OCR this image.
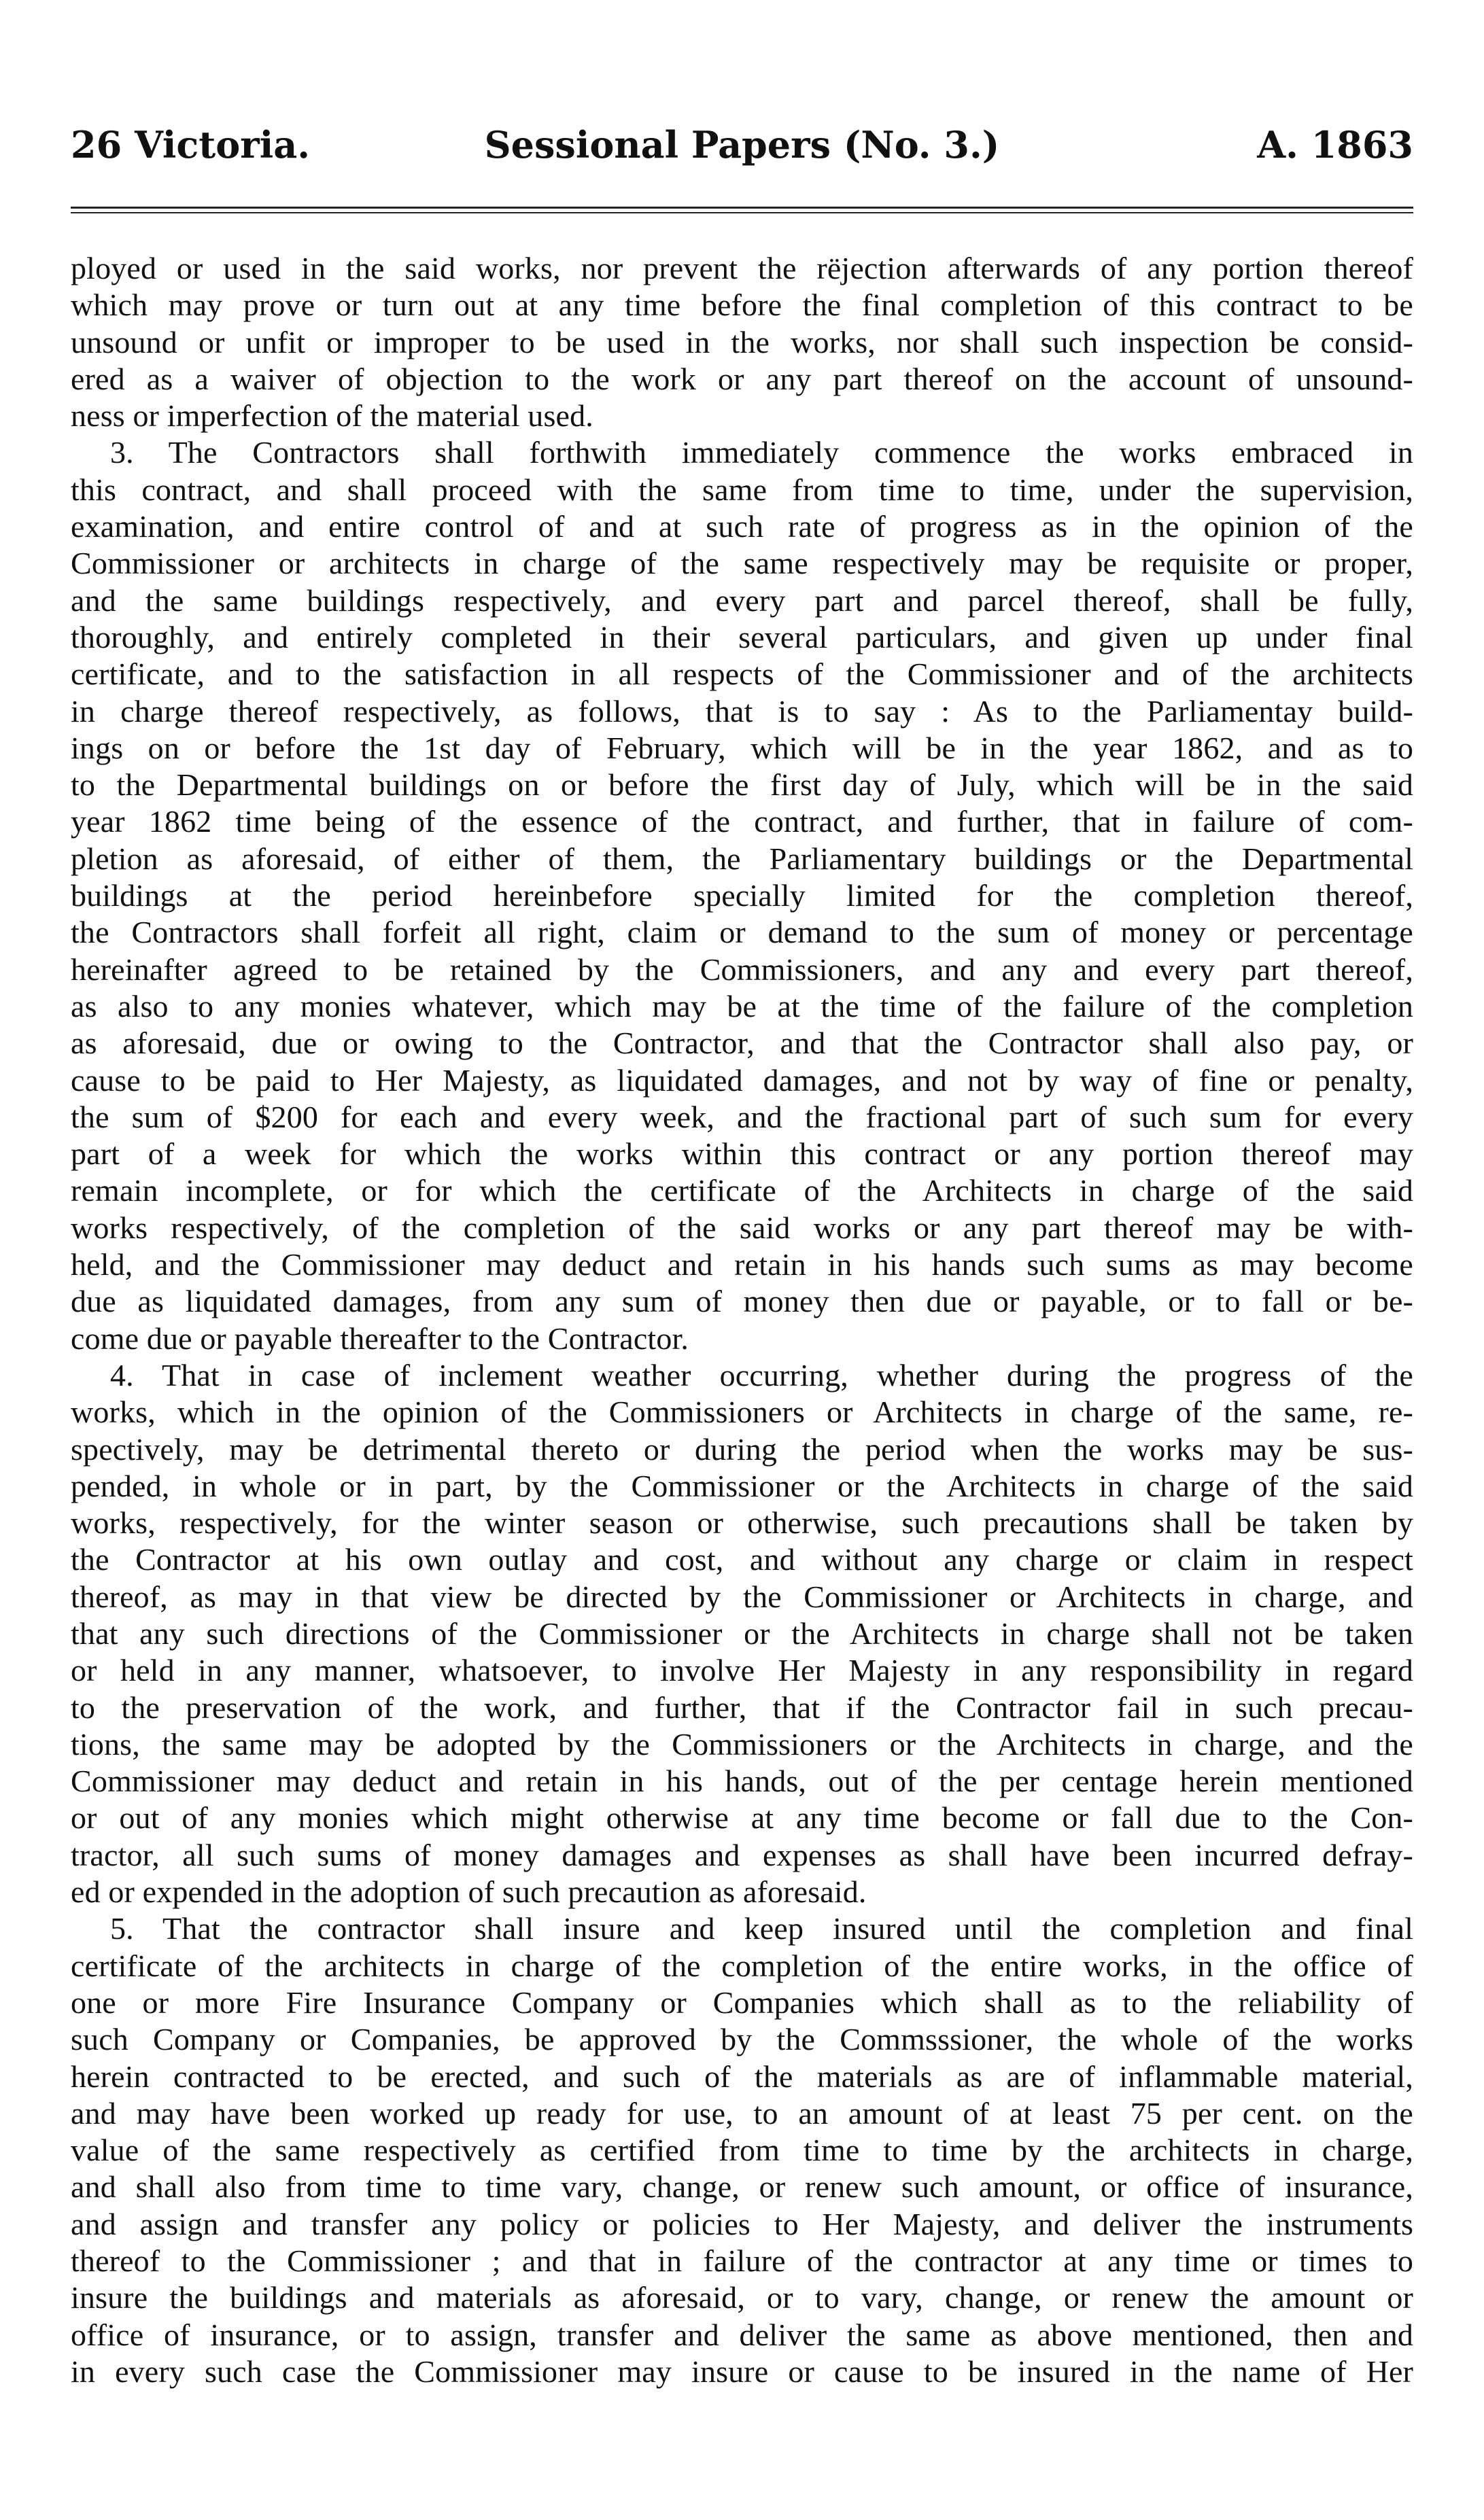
26 Victoria.	Sessional Papers (No. 3.)	A. 1863
ployed or used in the said works, nor prevent the rëjection afterwards of any portion thereof
which may prove or turn out at any time before the final completion of this contract to be
unsound or unfit or improper to be used in the works, nor shall such inspection be consid-
ered as a waiver of objection to the work or any part thereof on the account of unsound-
ness or imperfection of the material used.
3. The Contractors shall forthwith immediately commence the works embraced in
this contract, and shall proceed with the same from time to time, under the supervision,
examination, and entire control of and at such rate of progress as in the opinion of the
Commissioner or architects in charge of the same respectively may be requisite or proper,
and the same buildings respectively, and every part and parcel thereof, shall be fully,
thoroughly, and entirely completed in their several particulars, and given up under final
certificate, and to the satisfaction in all respects of the Commissioner and of the architects
in charge thereof respectively, as follows, that is to say : As to the Parliamentay build-
ings on or before the 1st day of February, which will be in the year 1862, and as to
to the Departmental buildings on or before the first day of July, which will be in the said
year 1862 time being of the essence of the contract, and further, that in failure of com-
pletion as aforesaid, of either of them, the Parliamentary buildings or the Departmental
buildings at the period hereinbefore specially limited for the completion thereof,
the Contractors shall forfeit all right, claim or demand to the sum of money or percentage
hereinafter agreed to be retained by the Commissioners, and any and every part thereof,
as also to any monies whatever, which may be at the time of the failure of the completion
as aforesaid, due or owing to the Contractor, and that the Contractor shall also pay, or
cause to be paid to Her Majesty, as liquidated damages, and not by way of fine or penalty,
the sum of $200 for each and every week, and the fractional part of such sum for every
part of a week for which the works within this contract or any portion thereof may
remain incomplete, or for which the certificate of the Architects in charge of the said
works respectively, of the completion of the said works or any part thereof may be with-
held, and the Commissioner may deduct and retain in his hands such sums as may become
due as liquidated damages, from any sum of money then due or payable, or to fall or be-
come due or payable thereafter to the Contractor.
4. That in case of inclement weather occurring, whether during the progress of the
works, which in the opinion of the Commissioners or Architects in charge of the same, re-
spectively, may be detrimental thereto or during the period when the works may be sus-
pended, in whole or in part, by the Commissioner or the Architects in charge of the said
works, respectively, for the winter season or otherwise, such precautions shall be taken by
the Contractor at his own outlay and cost, and without any charge or claim in respect
thereof, as may in that view be directed by the Commissioner or Architects in charge, and
that any such directions of the Commissioner or the Architects in charge shall not be taken
or held in any manner, whatsoever, to involve Her Majesty in any responsibility in regard
to the preservation of the work, and further, that if the Contractor fail in such precau-
tions, the same may be adopted by the Commissioners or the Architects in charge, and the
Commissioner may deduct and retain in his hands, out of the per centage herein mentioned
or out of any monies which might otherwise at any time become or fall due to the Con-
tractor, all such sums of money damages and expenses as shall have been incurred defray-
ed or expended in the adoption of such precaution as aforesaid.
5. That the contractor shall insure and keep insured until the completion and final
certificate of the architects in charge of the completion of the entire works, in the office of
one or more Fire Insurance Company or Companies which shall as to the reliability of
such Company or Companies, be approved by the Commsssioner, the whole of the works
herein contracted to be erected, and such of the materials as are of inflammable material,
and may have been worked up ready for use, to an amount of at least 75 per cent. on the
value of the same respectively as certified from time to time by the architects in charge,
and shall also from time to time vary, change, or renew such amount, or office of insurance,
and assign and transfer any policy or policies to Her Majesty, and deliver the instruments
thereof to the Commissioner ; and that in failure of the contractor at any time or times to
insure the buildings and materials as aforesaid, or to vary, change, or renew the amount or
office of insurance, or to assign, transfer and deliver the same as above mentioned, then and
in every such case the Commissioner may insure or cause to be insured in the name of Her
